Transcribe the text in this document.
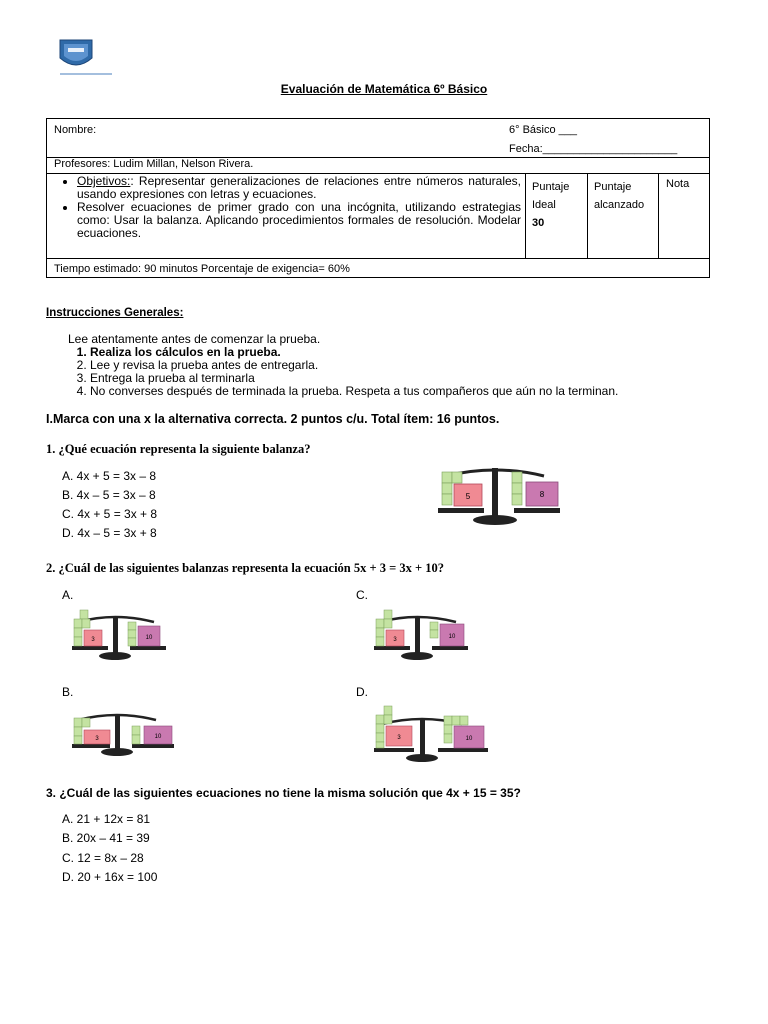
Evaluación de Matemática 6º Básico
Nombre:	6° Básico ___
Fecha:______________________
Profesores: Ludim Millan, Nelson Rivera.
• Objetivos:: Representar generalizaciones de relaciones entre números naturales, usando expresiones con letras y ecuaciones.
• Resolver ecuaciones de primer grado con una incógnita, utilizando estrategias como: Usar la balanza. Aplicando procedimientos formales de resolución. Modelar ecuaciones.
Puntaje
Ideal
30
Puntaje
alcanzado
Nota
Tiempo estimado: 90 minutos Porcentaje de exigencia= 60%
Instrucciones Generales:
Lee atentamente antes de comenzar la prueba.
1. Realiza los cálculos en la prueba.
2. Lee y revisa la prueba antes de entregarla.
3. Entrega la prueba al terminarla
4. No converses después de terminada la prueba. Respeta a tus compañeros que aún no la terminan.
I.Marca con una x la alternativa correcta. 2 puntos c/u. Total ítem: 16 puntos.
1. ¿Qué ecuación representa la siguiente balanza?
A. 4x + 5 = 3x – 8
B. 4x – 5 = 3x – 8
C. 4x + 5 = 3x + 8
D. 4x – 5 = 3x + 8
5	8
2. ¿Cuál de las siguientes balanzas representa la ecuación 5x + 3 = 3x + 10?
A.	C.
B.	D.
3	10	3	10
3	10	3	10
3. ¿Cuál de las siguientes ecuaciones no tiene la misma solución que 4x + 15 = 35?
A. 21 + 12x = 81
B. 20x – 41 = 39
C. 12 = 8x – 28
D. 20 + 16x = 100
